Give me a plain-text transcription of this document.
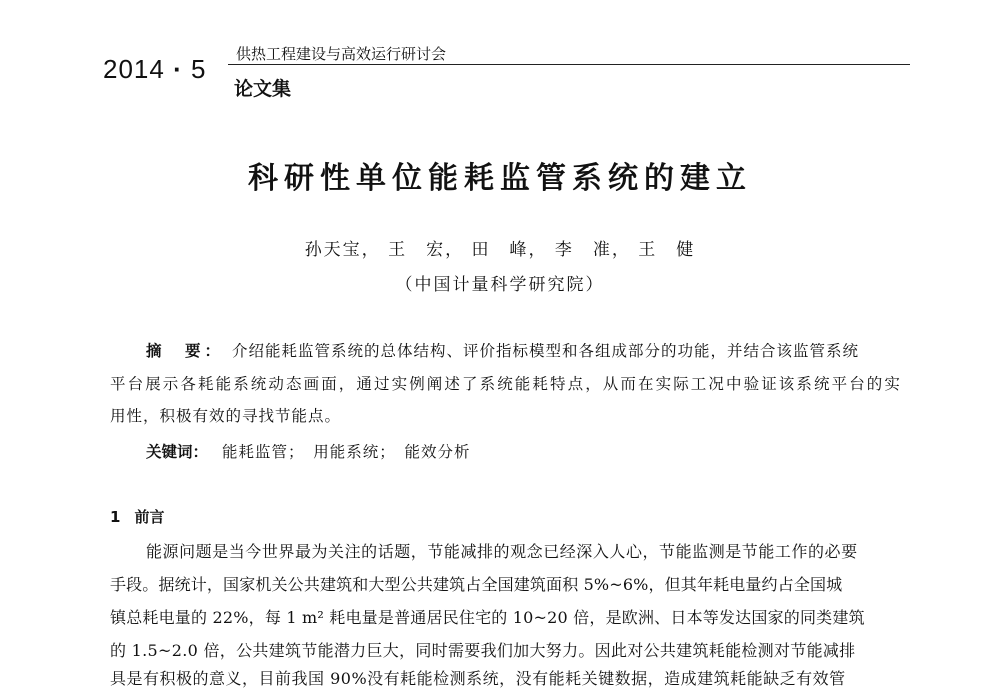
2014 · 5 供热工程建设与高效运行研讨会
论文集
科研性单位能耗监管系统的建立
孙天宝， 王　宏， 田　峰， 李　准， 王　健
（中国计量科学研究院）
摘　要： 介绍能耗监管系统的总体结构、评价指标模型和各组成部分的功能，并结合该监管系统
平台展示各耗能系统动态画面，通过实例阐述了系统能耗特点，从而在实际工况中验证该系统平台的实
用性，积极有效的寻找节能点。
关键词： 能耗监管；　用能系统；　能效分析
1 前言
能源问题是当今世界最为关注的话题，节能减排的观念已经深入人心，节能监测是节能工作的必要
手段。据统计，国家机关公共建筑和大型公共建筑占全国建筑面积 5%~6%，但其年耗电量约占全国城
镇总耗电量的 22%，每 1 m² 耗电量是普通居民住宅的 10~20 倍，是欧洲、日本等发达国家的同类建筑
的 1.5~2.0 倍，公共建筑节能潜力巨大，同时需要我们加大努力。因此对公共建筑耗能检测对节能减排
具是有积极的意义，目前我国 90%没有耗能检测系统，没有能耗关键数据，造成建筑耗能缺乏有效管
